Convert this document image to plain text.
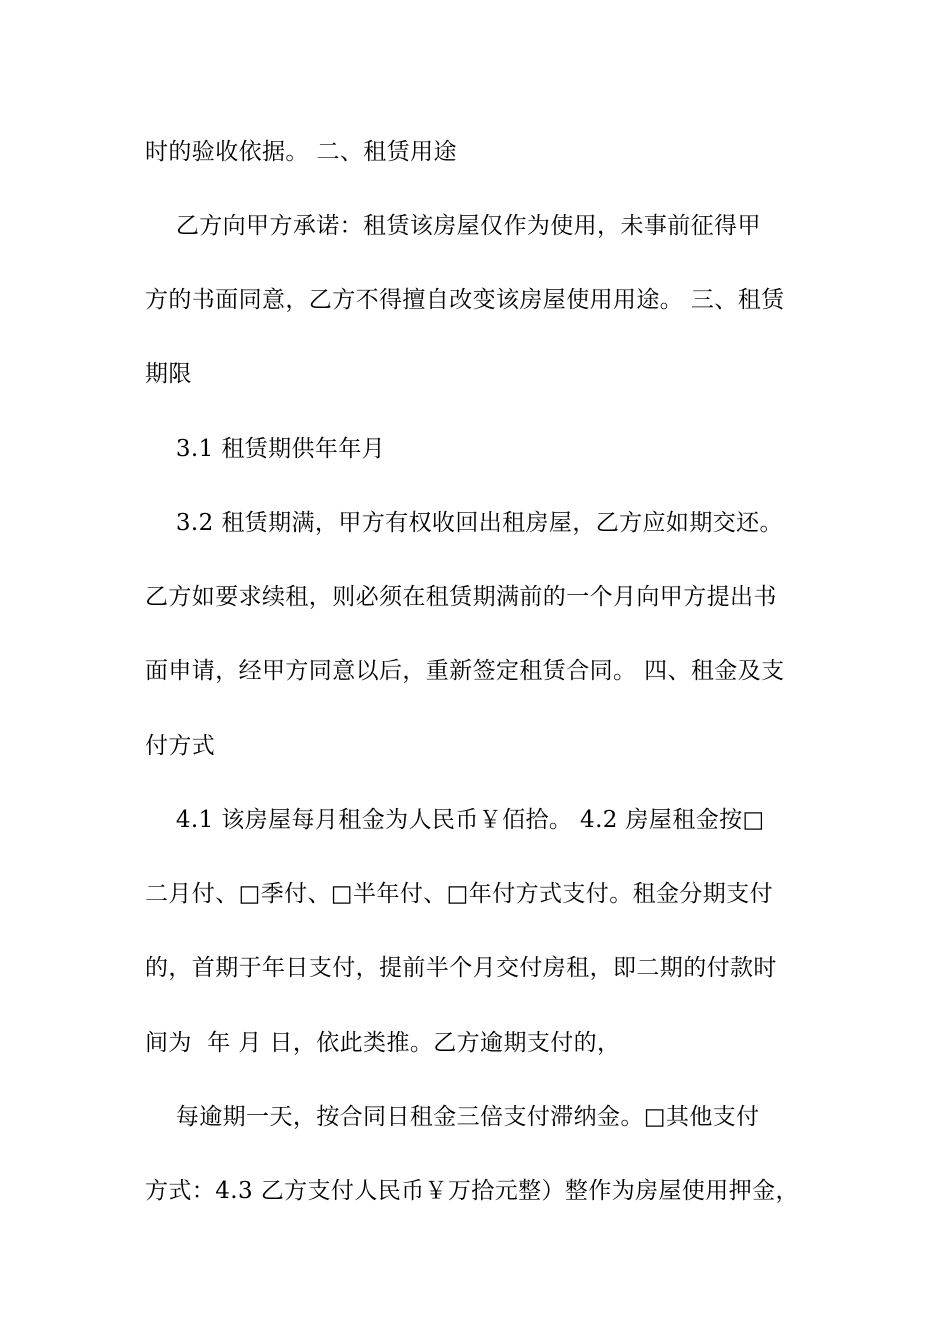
时的验收依据。 二、租赁用途
乙方向甲方承诺：租赁该房屋仅作为使用，未事前征得甲
方的书面同意，乙方不得擅自改变该房屋使用用途。 三、租赁
期限
3.1 租赁期供年年月
3.2 租赁期满，甲方有权收回出租房屋，乙方应如期交还。
乙方如要求续租，则必须在租赁期满前的一个月向甲方提出书
面申请，经甲方同意以后，重新签定租赁合同。 四、租金及支
付方式
4.1 该房屋每月租金为人民币￥佰拾。 4.2 房屋租金按□
二月付、□季付、□半年付、□年付方式支付。租金分期支付
的，首期于年日支付，提前半个月交付房租，即二期的付款时
间为  年 月 日，依此类推。乙方逾期支付的，
每逾期一天，按合同日租金三倍支付滞纳金。□其他支付
方式：4.3 乙方支付人民币￥万拾元整）整作为房屋使用押金，
